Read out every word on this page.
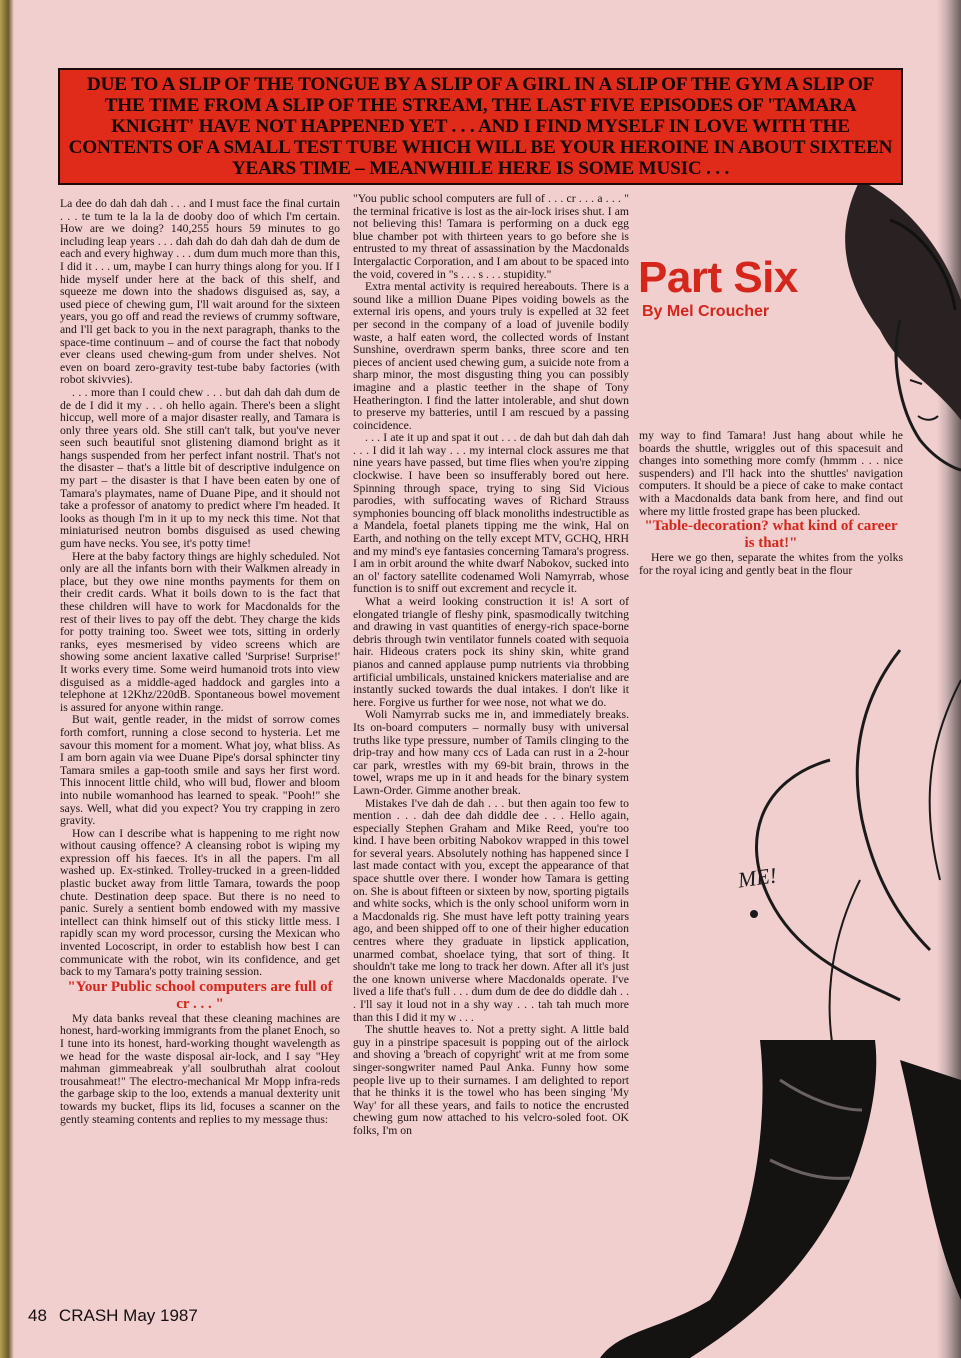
ME!
DUE TO A SLIP OF THE TONGUE BY A SLIP OF A GIRL IN A SLIP OF THE GYM A SLIP OF THE TIME FROM A SLIP OF THE STREAM, THE LAST FIVE EPISODES OF 'TAMARA KNIGHT' HAVE NOT HAPPENED YET . . . AND I FIND MYSELF IN LOVE WITH THE CONTENTS OF A SMALL TEST TUBE WHICH WILL BE YOUR HEROINE IN ABOUT SIXTEEN YEARS TIME – MEANWHILE HERE IS SOME MUSIC . . .
Part Six
By Mel Croucher

La dee do dah dah dah . . . and I must face the final curtain . . . te tum te la la la de dooby doo of which I'm certain. How are we doing? 140,255 hours 59 minutes to go including leap years . . . dah dah do dah dah dah de dum de each and every highway . . . dum dum much more than this, I did it . . . um, maybe I can hurry things along for you. If I hide myself under here at the back of this shelf, and squeeze me down into the shadows disguised as, say, a used piece of chewing gum, I'll wait around for the sixteen years, you go off and read the reviews of crummy software, and I'll get back to you in the next paragraph, thanks to the space-time continuum – and of course the fact that nobody ever cleans used chewing-gum from under shelves. Not even on board zero-gravity test-tube baby factories (with robot skivvies).

. . . more than I could chew . . . but dah dah dah dum de de de I did it my . . . oh hello again. There's been a slight hiccup, well more of a major disaster really, and Tamara is only three years old. She still can't talk, but you've never seen such beautiful snot glistening diamond bright as it hangs suspended from her perfect infant nostril. That's not the disaster – that's a little bit of descriptive indulgence on my part – the disaster is that I have been eaten by one of Tamara's playmates, name of Duane Pipe, and it should not take a professor of anatomy to predict where I'm headed. It looks as though I'm in it up to my neck this time. Not that miniaturised neutron bombs disguised as used chewing gum have necks. You see, it's potty time!

Here at the baby factory things are highly scheduled. Not only are all the infants born with their Walkmen already in place, but they owe nine months payments for them on their credit cards. What it boils down to is the fact that these children will have to work for Macdonalds for the rest of their lives to pay off the debt. They charge the kids for potty training too. Sweet wee tots, sitting in orderly ranks, eyes mesmerised by video screens which are showing some ancient laxative called 'Surprise! Surprise!' It works every time. Some weird humanoid trots into view disguised as a middle-aged haddock and gargles into a telephone at 12Khz/220dB. Spontaneous bowel movement is assured for anyone within range.

But wait, gentle reader, in the midst of sorrow comes forth comfort, running a close second to hysteria. Let me savour this moment for a moment. What joy, what bliss. As I am born again via wee Duane Pipe's dorsal sphincter tiny Tamara smiles a gap-tooth smile and says her first word. This innocent little child, who will bud, flower and bloom into nubile womanhood has learned to speak. "Pooh!" she says. Well, what did you expect? You try crapping in zero gravity.

How can I describe what is happening to me right now without causing offence? A cleansing robot is wiping my expression off his faeces. It's in all the papers. I'm all washed up. Ex-stinked. Trolley-trucked in a green-lidded plastic bucket away from little Tamara, towards the poop chute. Destination deep space. But there is no need to panic. Surely a sentient bomb endowed with my massive intellect can think himself out of this sticky little mess. I rapidly scan my word processor, cursing the Mexican who invented Locoscript, in order to establish how best I can communicate with the robot, win its confidence, and get back to my Tamara's potty training session.

"Your Public school computers are full of cr . . . "

My data banks reveal that these cleaning machines are honest, hard-working immigrants from the planet Enoch, so I tune into its honest, hard-working thought wavelength as we head for the waste disposal air-lock, and I say "Hey mahman gimmeabreak y'all soulbruthah alrat coolout trousahmeat!" The electro-mechanical Mr Mopp infra-reds the garbage skip to the loo, extends a manual dexterity unit towards my bucket, flips its lid, focuses a scanner on the gently steaming contents and replies to my message thus:

"You public school computers are full of . . . cr . . . a . . . " the terminal fricative is lost as the air-lock irises shut. I am not believing this! Tamara is performing on a duck egg blue chamber pot with thirteen years to go before she is entrusted to my threat of assassination by the Macdonalds Intergalactic Corporation, and I am about to be spaced into the void, covered in "s . . . s . . . stupidity."

Extra mental activity is required hereabouts. There is a sound like a million Duane Pipes voiding bowels as the external iris opens, and yours truly is expelled at 32 feet per second in the company of a load of juvenile bodily waste, a half eaten word, the collected words of Instant Sunshine, overdrawn sperm banks, three score and ten pieces of ancient used chewing gum, a suicide note from a sharp minor, the most disgusting thing you can possibly imagine and a plastic teether in the shape of Tony Heatherington. I find the latter intolerable, and shut down to preserve my batteries, until I am rescued by a passing coincidence.

. . . I ate it up and spat it out . . . de dah but dah dah dah . . . I did it lah way . . . my internal clock assures me that nine years have passed, but time flies when you're zipping clockwise. I have been so insufferably bored out here. Spinning through space, trying to sing Sid Vicious parodies, with suffocating waves of Richard Strauss symphonies bouncing off black monoliths indestructible as a Mandela, foetal planets tipping me the wink, Hal on Earth, and nothing on the telly except MTV, GCHQ, HRH and my mind's eye fantasies concerning Tamara's progress. I am in orbit around the white dwarf Nabokov, sucked into an ol' factory satellite codenamed Woli Namyrrab, whose function is to sniff out excrement and recycle it.

What a weird looking construction it is! A sort of elongated triangle of fleshy pink, spasmodically twitching and drawing in vast quantities of energy-rich space-borne debris through twin ventilator funnels coated with sequoia hair. Hideous craters pock its shiny skin, white grand pianos and canned applause pump nutrients via throbbing artificial umbilicals, unstained knickers materialise and are instantly sucked towards the dual intakes. I don't like it here. Forgive us further for wee nose, not what we do.

Woli Namyrrab sucks me in, and immediately breaks. Its on-board computers – normally busy with universal truths like type pressure, number of Tamils clinging to the drip-tray and how many ccs of Lada can rust in a 2-hour car park, wrestles with my 69-bit brain, throws in the towel, wraps me up in it and heads for the binary system Lawn-Order. Gimme another break.

Mistakes I've dah de dah . . . but then again too few to mention . . . dah dee dah diddle dee . . . Hello again, especially Stephen Graham and Mike Reed, you're too kind. I have been orbiting Nabokov wrapped in this towel for several years. Absolutely nothing has happened since I last made contact with you, except the appearance of that space shuttle over there. I wonder how Tamara is getting on. She is about fifteen or sixteen by now, sporting pigtails and white socks, which is the only school uniform worn in a Macdonalds rig. She must have left potty training years ago, and been shipped off to one of their higher education centres where they graduate in lipstick application, unarmed combat, shoelace tying, that sort of thing. It shouldn't take me long to track her down. After all it's just the one known universe where Macdonalds operate. I've lived a life that's full . . . dum dum de dee do diddle dah . . . I'll say it loud not in a shy way . . . tah tah much more than this I did it my w . . .

The shuttle heaves to. Not a pretty sight. A little bald guy in a pinstripe spacesuit is popping out of the airlock and shoving a 'breach of copyright' writ at me from some singer-songwriter named Paul Anka. Funny how some people live up to their surnames. I am delighted to report that he thinks it is the towel who has been singing 'My Way' for all these years, and fails to notice the encrusted chewing gum now attached to his velcro-soled foot. OK folks, I'm on

my way to find Tamara! Just hang about while he boards the shuttle, wriggles out of this spacesuit and changes into something more comfy (hmmm . . . nice suspenders) and I'll hack into the shuttles' navigation computers. It should be a piece of cake to make contact with a Macdonalds data bank from here, and find out where my little frosted grape has been plucked.

"Table-decoration? what kind of career is that!"

Here we go then, separate the whites from the yolks for the royal icing and gently beat in the flour

48 CRASH May 1987
